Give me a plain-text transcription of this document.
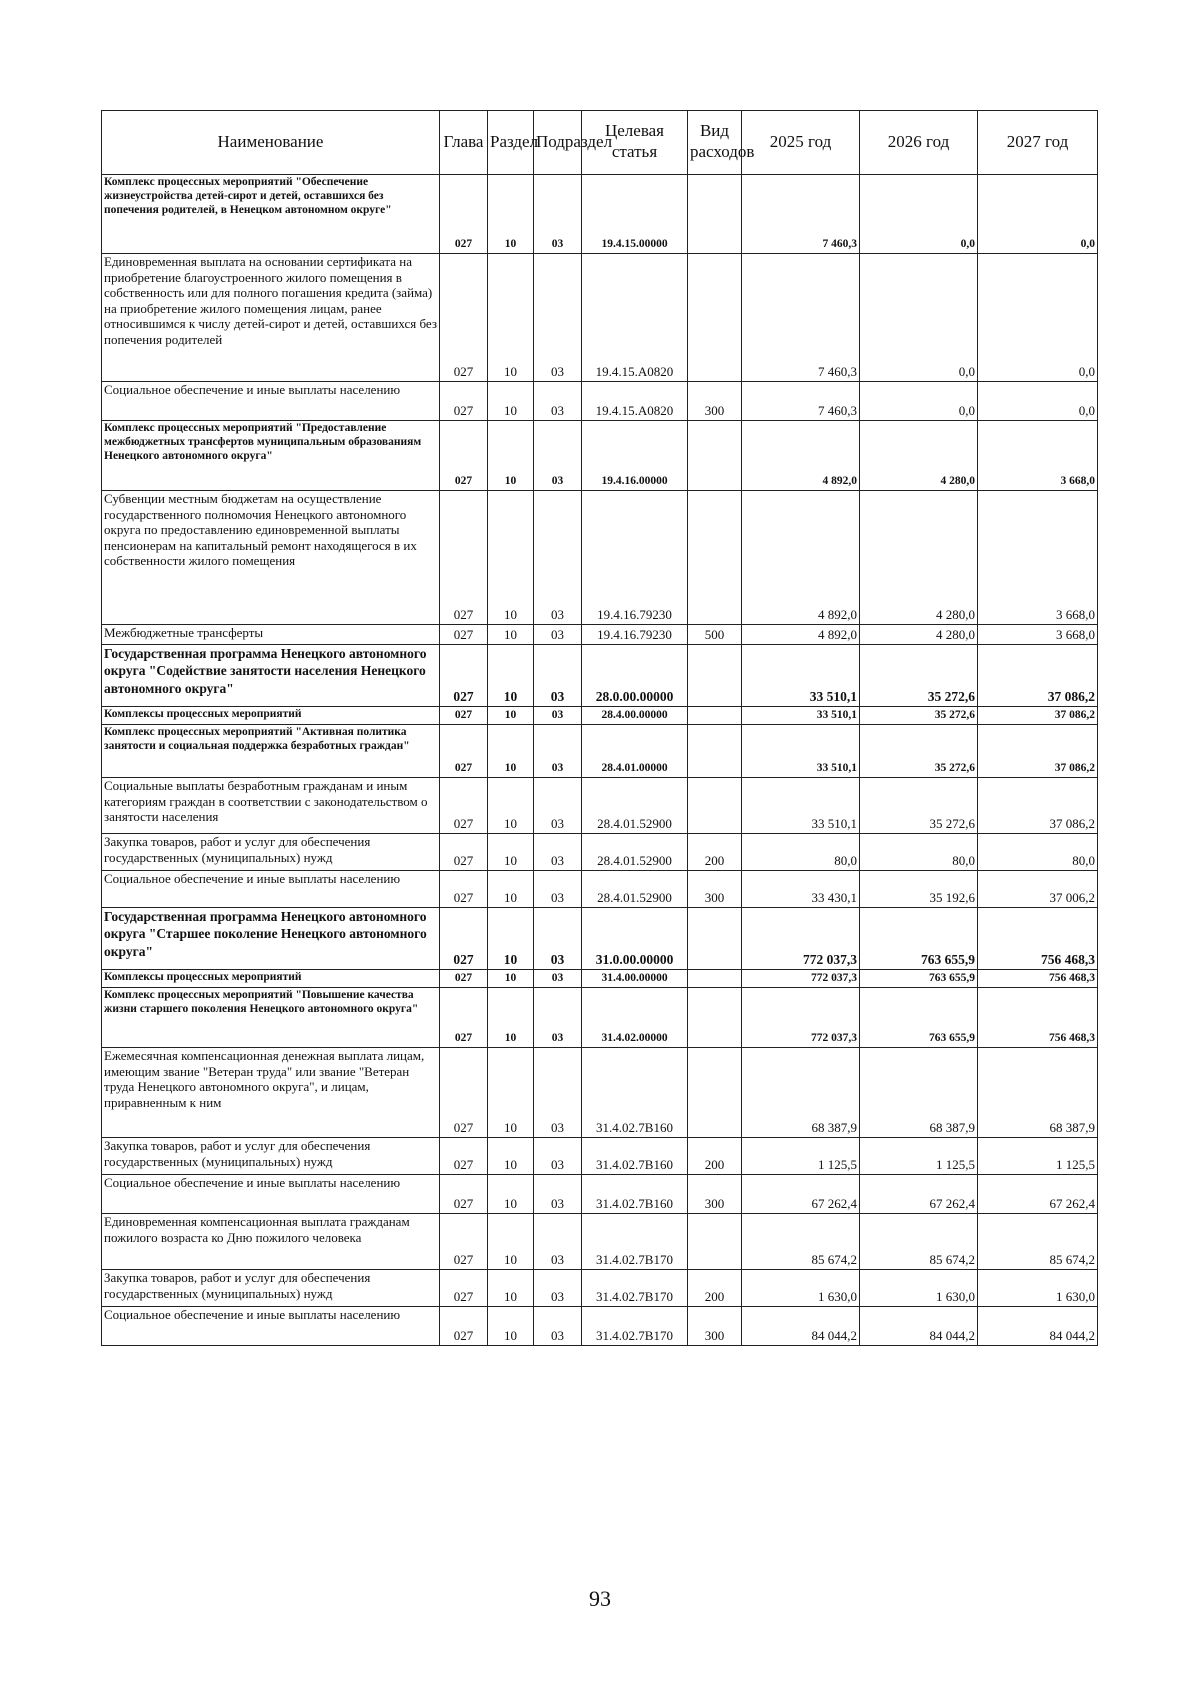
Наименование	Глава	Раздел	Подраздел	Целевая статья	Вид расходов	2025 год	2026 год	2027 год
Комплекс процессных мероприятий "Обеспечение жизнеустройства детей-сирот и детей, оставшихся без попечения родителей, в Ненецком автономном округе"	027	10	03	19.4.15.00000		7 460,3	0,0	0,0
Единовременная выплата на основании сертификата на приобретение благоустроенного жилого помещения в собственность или для полного погашения кредита (займа) на приобретение жилого помещения лицам, ранее относившимся к числу детей-сирот и детей, оставшихся без попечения родителей	027	10	03	19.4.15.А0820		7 460,3	0,0	0,0
Социальное обеспечение и иные выплаты населению	027	10	03	19.4.15.А0820	300	7 460,3	0,0	0,0
Комплекс процессных мероприятий "Предоставление межбюджетных трансфертов муниципальным образованиям Ненецкого автономного округа"	027	10	03	19.4.16.00000		4 892,0	4 280,0	3 668,0
Субвенции местным бюджетам на осуществление государственного полномочия Ненецкого автономного округа по предоставлению единовременной выплаты пенсионерам на капитальный ремонт находящегося в их собственности жилого помещения	027	10	03	19.4.16.79230		4 892,0	4 280,0	3 668,0
Межбюджетные трансферты	027	10	03	19.4.16.79230	500	4 892,0	4 280,0	3 668,0
Государственная программа Ненецкого автономного округа "Содействие занятости населения Ненецкого автономного округа"	027	10	03	28.0.00.00000		33 510,1	35 272,6	37 086,2
Комплексы процессных мероприятий	027	10	03	28.4.00.00000		33 510,1	35 272,6	37 086,2
Комплекс процессных мероприятий "Активная политика занятости и социальная поддержка безработных граждан"	027	10	03	28.4.01.00000		33 510,1	35 272,6	37 086,2
Социальные выплаты безработным гражданам и иным категориям граждан в соответствии с законодательством о занятости населения	027	10	03	28.4.01.52900		33 510,1	35 272,6	37 086,2
Закупка товаров, работ и услуг для обеспечения государственных (муниципальных) нужд	027	10	03	28.4.01.52900	200	80,0	80,0	80,0
Социальное обеспечение и иные выплаты населению	027	10	03	28.4.01.52900	300	33 430,1	35 192,6	37 006,2
Государственная программа Ненецкого автономного округа "Старшее поколение Ненецкого автономного округа"	027	10	03	31.0.00.00000		772 037,3	763 655,9	756 468,3
Комплексы процессных мероприятий	027	10	03	31.4.00.00000		772 037,3	763 655,9	756 468,3
Комплекс процессных мероприятий "Повышение качества жизни старшего поколения Ненецкого автономного округа"	027	10	03	31.4.02.00000		772 037,3	763 655,9	756 468,3
Ежемесячная компенсационная денежная выплата лицам, имеющим звание "Ветеран труда" или звание "Ветеран труда Ненецкого автономного округа", и лицам, приравненным к ним	027	10	03	31.4.02.7В160		68 387,9	68 387,9	68 387,9
Закупка товаров, работ и услуг для обеспечения государственных (муниципальных) нужд	027	10	03	31.4.02.7В160	200	1 125,5	1 125,5	1 125,5
Социальное обеспечение и иные выплаты населению	027	10	03	31.4.02.7В160	300	67 262,4	67 262,4	67 262,4
Единовременная компенсационная выплата гражданам пожилого возраста ко Дню пожилого человека	027	10	03	31.4.02.7В170		85 674,2	85 674,2	85 674,2
Закупка товаров, работ и услуг для обеспечения государственных (муниципальных) нужд	027	10	03	31.4.02.7В170	200	1 630,0	1 630,0	1 630,0
Социальное обеспечение и иные выплаты населению	027	10	03	31.4.02.7В170	300	84 044,2	84 044,2	84 044,2
93
